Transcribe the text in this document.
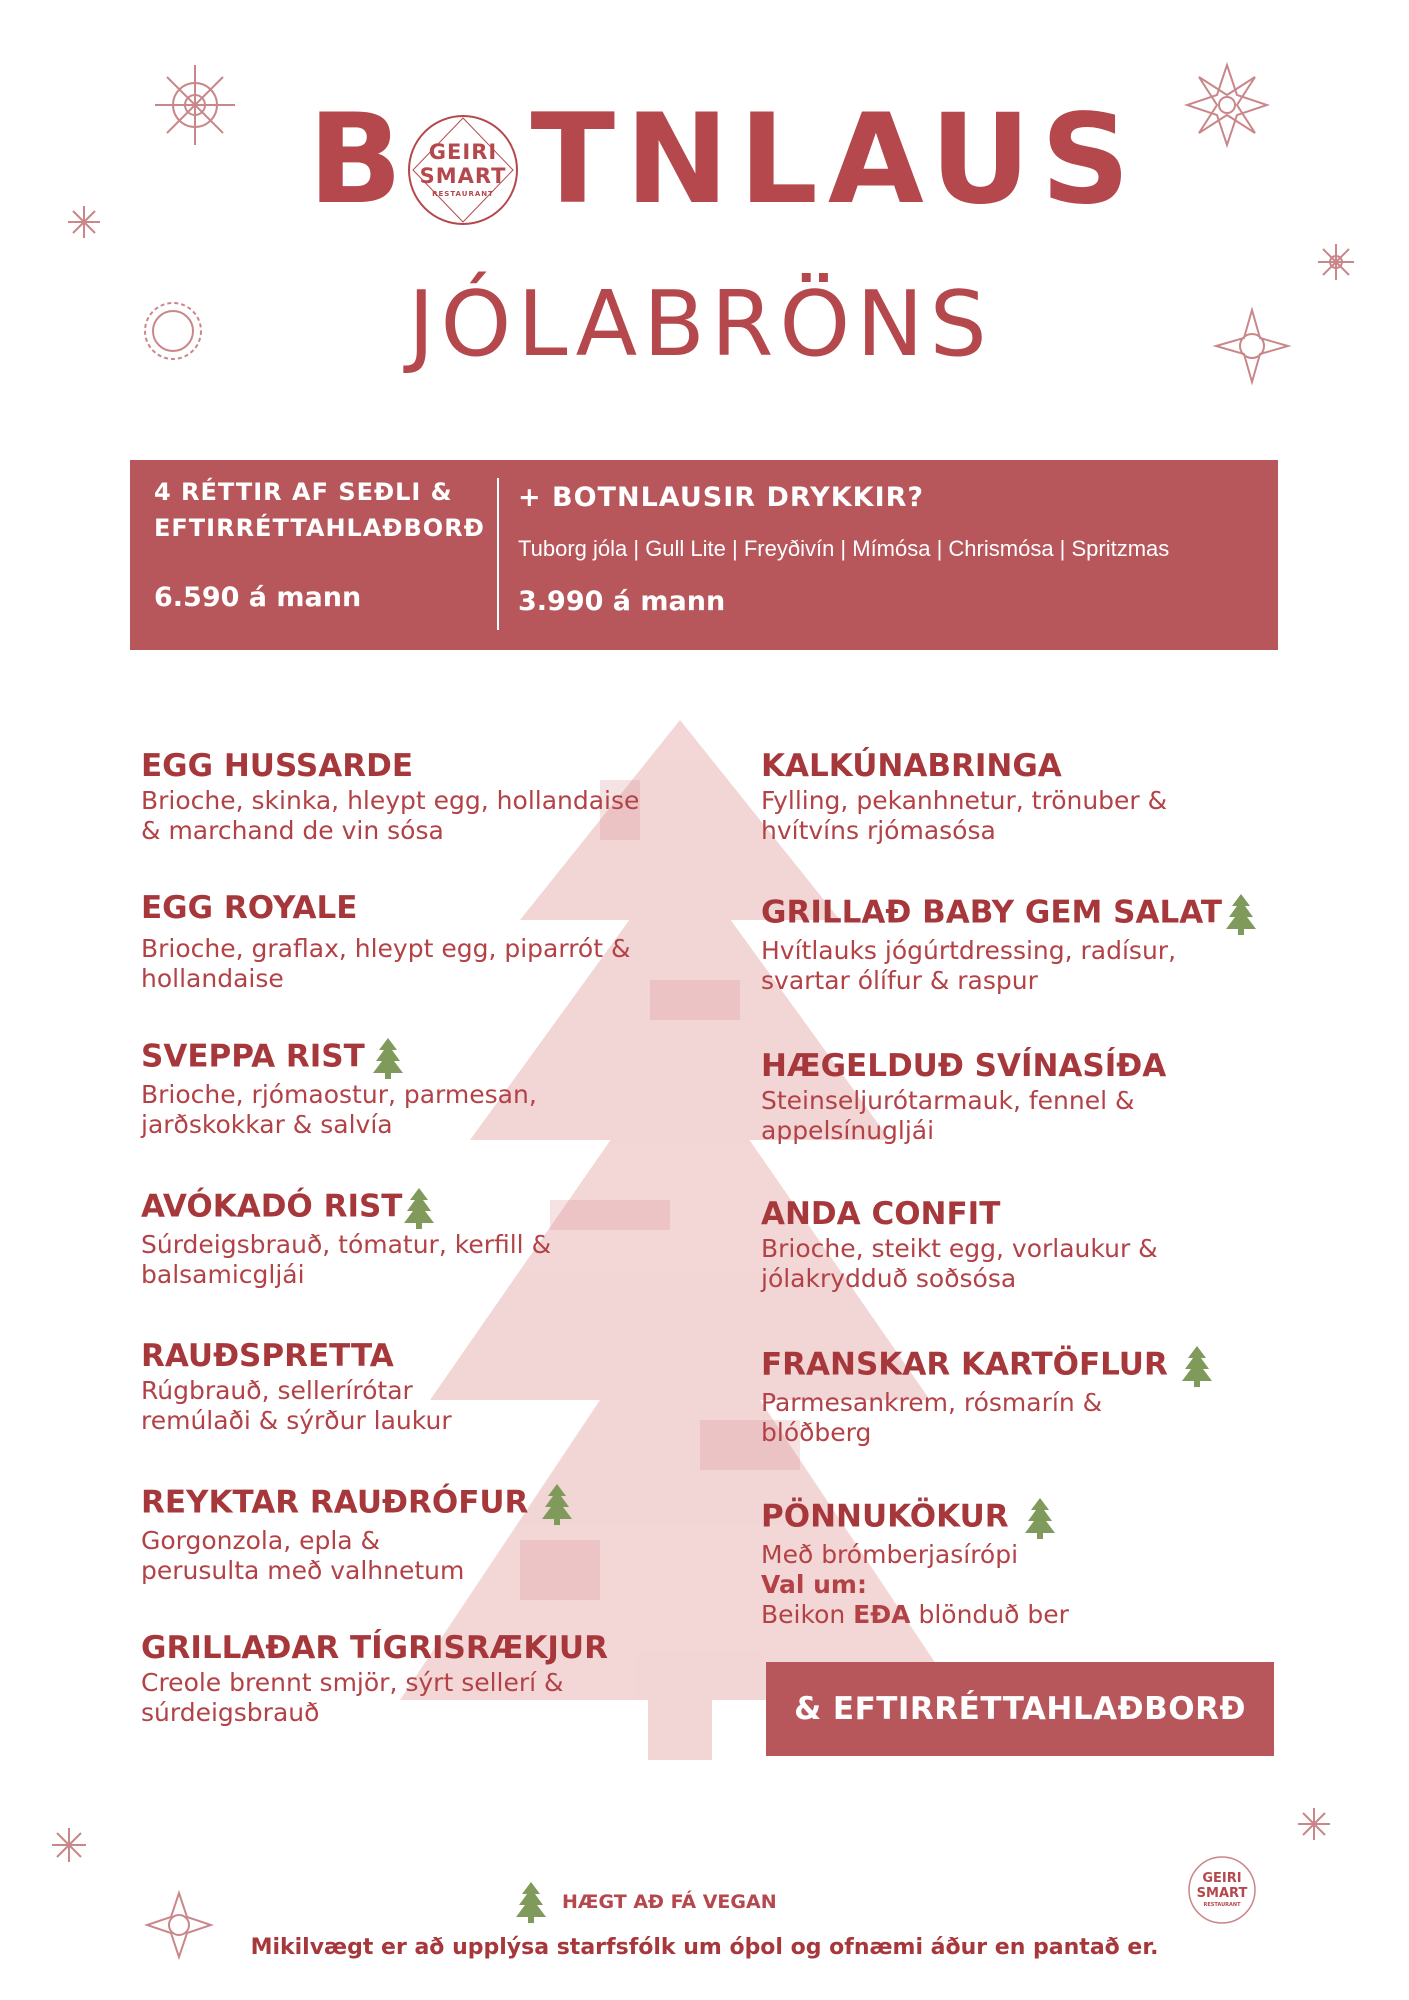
B TNLAUS
GEIRI
SMART
RESTAURANT
JÓLABRÖNS
4 RÉTTIR AF SEÐLI &
EFTIRRÉTTAHLAÐBORÐ
6.590 á mann
+ BOTNLAUSIR DRYKKIR?
Tuborg jóla | Gull Lite | Freyðivín | Mímósa | Chrismósa | Spritzmas
3.990 á mann
EGG HUSSARDE
Brioche, skinka, hleypt egg, hollandaise
& marchand de vin sósa
EGG ROYALE
Brioche, graflax, hleypt egg, piparrót &
hollandaise
SVEPPA RIST
Brioche, rjómaostur, parmesan,
jarðskokkar & salvía
AVÓKADÓ RIST
Súrdeigsbrauð, tómatur, kerfill &
balsamicgljái
RAUÐSPRETTA
Rúgbrauð, sellerírótar
remúlaði & sýrður laukur
REYKTAR RAUÐRÓFUR
Gorgonzola, epla &
perusulta með valhnetum
GRILLAÐAR TÍGRISRÆKJUR
Creole brennt smjör, sýrt sellerí &
súrdeigsbrauð
KALKÚNABRINGA
Fylling, pekanhnetur, trönuber &
hvítvíns rjómasósa
GRILLAÐ BABY GEM SALAT
Hvítlauks jógúrtdressing, radísur,
svartar ólífur & raspur
HÆGELDUÐ SVÍNASÍÐA
Steinseljurótarmauk, fennel &
appelsínugljái
ANDA CONFIT
Brioche, steikt egg, vorlaukur &
jólakrydduð soðsósa
FRANSKAR KARTÖFLUR
Parmesankrem, rósmarín &
blóðberg
PÖNNUKÖKUR
Með brómberjasírópi
Val um:
Beikon EÐA blönduð ber
& EFTIRRÉTTAHLAÐBORÐ
HÆGT AÐ FÁ VEGAN
GEIRI
SMART
RESTAURANT
Mikilvægt er að upplýsa starfsfólk um óþol og ofnæmi áður en pantað er.
